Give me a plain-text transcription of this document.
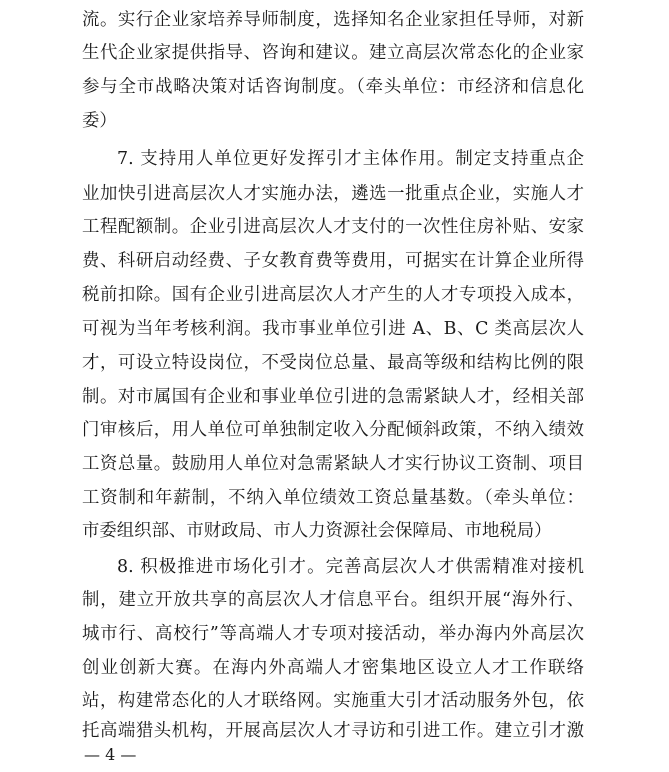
流。实行企业家培养导师制度，选择知名企业家担任导师，对新
生代企业家提供指导、咨询和建议。建立高层次常态化的企业家
参与全市战略决策对话咨询制度。（牵头单位：市经济和信息化
委）
7. 支持用人单位更好发挥引才主体作用。制定支持重点企
业加快引进高层次人才实施办法，遴选一批重点企业，实施人才
工程配额制。企业引进高层次人才支付的一次性住房补贴、安家
费、科研启动经费、子女教育费等费用，可据实在计算企业所得
税前扣除。国有企业引进高层次人才产生的人才专项投入成本，
可视为当年考核利润。我市事业单位引进 A、B、C 类高层次人
才，可设立特设岗位，不受岗位总量、最高等级和结构比例的限
制。对市属国有企业和事业单位引进的急需紧缺人才，经相关部
门审核后，用人单位可单独制定收入分配倾斜政策，不纳入绩效
工资总量。鼓励用人单位对急需紧缺人才实行协议工资制、项目
工资制和年薪制，不纳入单位绩效工资总量基数。（牵头单位：
市委组织部、市财政局、市人力资源社会保障局、市地税局）
8. 积极推进市场化引才。完善高层次人才供需精准对接机
制，建立开放共享的高层次人才信息平台。组织开展“海外行、
城市行、高校行”等高端人才专项对接活动，举办海内外高层次
创业创新大赛。在海内外高端人才密集地区设立人才工作联络
站，构建常态化的人才联络网。实施重大引才活动服务外包，依
托高端猎头机构，开展高层次人才寻访和引进工作。建立引才激
— 4 —
